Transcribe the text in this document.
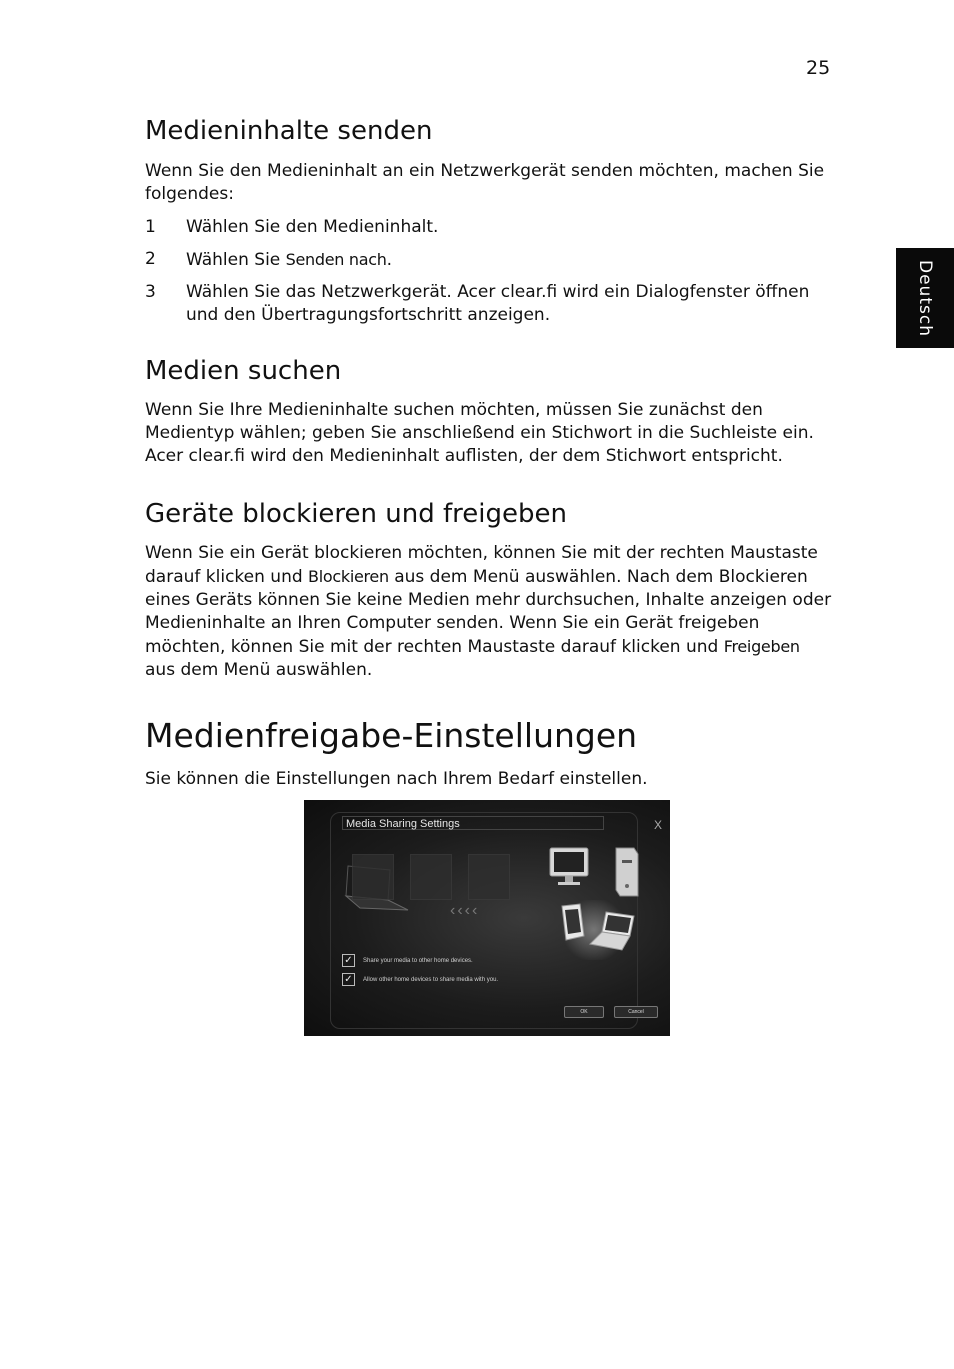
25
Deutsch
Medieninhalte senden

Wenn Sie den Medieninhalt an ein Netzwerkgerät senden möchten, machen Sie folgendes:

1	Wählen Sie den Medieninhalt.
2	Wählen Sie Senden nach.
3	Wählen Sie das Netzwerkgerät. Acer clear.fi wird ein Dialogfenster öffnen und den Übertragungsfortschritt anzeigen.
Medien suchen

Wenn Sie Ihre Medieninhalte suchen möchten, müssen Sie zunächst den Medientyp wählen; geben Sie anschließend ein Stichwort in die Suchleiste ein. Acer clear.fi wird den Medieninhalt auflisten, der dem Stichwort entspricht.

Geräte blockieren und freigeben

Wenn Sie ein Gerät blockieren möchten, können Sie mit der rechten Maustaste darauf klicken und Blockieren aus dem Menü auswählen. Nach dem Blockieren eines Geräts können Sie keine Medien mehr durchsuchen, Inhalte anzeigen oder Medieninhalte an Ihren Computer senden. Wenn Sie ein Gerät freigeben möchten, können Sie mit der rechten Maustaste darauf klicken und Freigeben aus dem Menü auswählen.

Medienfreigabe-Einstellungen

Sie können die Einstellungen nach Ihrem Bedarf einstellen.

Media Sharing Settings	X
‹‹‹‹
✓	Share your media to other home devices.
✓	Allow other home devices to share media with you.
OK	Cancel
